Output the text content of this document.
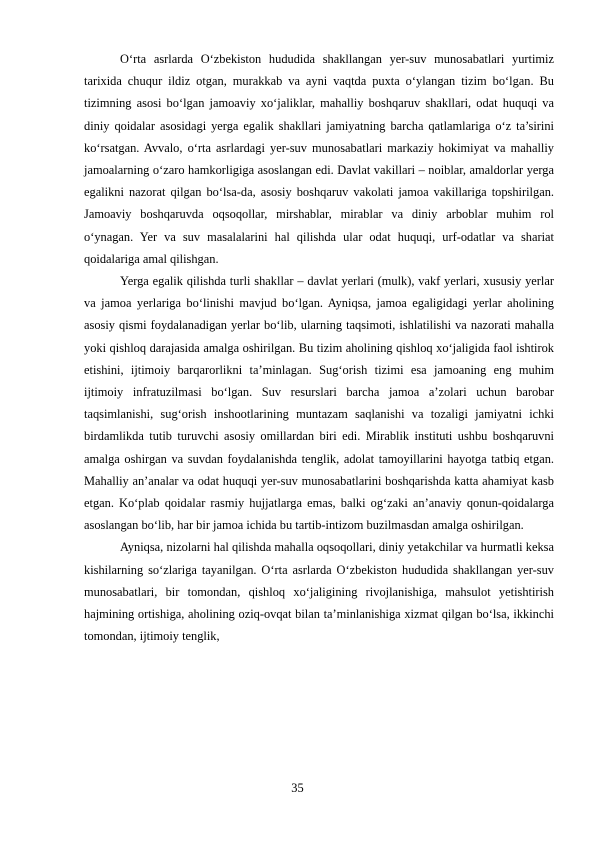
O‘rta asrlarda O‘zbekiston hududida shakllangan yer-suv munosabatlari yurtimiz tarixida chuqur ildiz otgan, murakkab va ayni vaqtda puxta o‘ylangan tizim bo‘lgan. Bu tizimning asosi bo‘lgan jamoaviy xo‘jaliklar, mahalliy boshqaruv shakllari, odat huquqi va diniy qoidalar asosidagi yerga egalik shakllari jamiyatning barcha qatlamlariga o‘z ta’sirini ko‘rsatgan. Avvalo, o‘rta asrlardagi yer-suv munosabatlari markaziy hokimiyat va mahalliy jamoalarning o‘zaro hamkorligiga asoslangan edi. Davlat vakillari – noiblar, amaldorlar yerga egalikni nazorat qilgan bo‘lsa-da, asosiy boshqaruv vakolati jamoa vakillariga topshirilgan. Jamoaviy boshqaruvda oqsoqollar, mirshablar, mirablar va diniy arboblar muhim rol o‘ynagan. Yer va suv masalalarini hal qilishda ular odat huquqi, urf-odatlar va shariat qoidalariga amal qilishgan.

Yerga egalik qilishda turli shakllar – davlat yerlari (mulk), vakf yerlari, xususiy yerlar va jamoa yerlariga bo‘linishi mavjud bo‘lgan. Ayniqsa, jamoa egaligidagi yerlar aholining asosiy qismi foydalanadigan yerlar bo‘lib, ularning taqsimoti, ishlatilishi va nazorati mahalla yoki qishloq darajasida amalga oshirilgan. Bu tizim aholining qishloq xo‘jaligida faol ishtirok etishini, ijtimoiy barqarorlikni ta’minlagan. Sug‘orish tizimi esa jamoaning eng muhim ijtimoiy infratuzilmasi bo‘lgan. Suv resurslari barcha jamoa a’zolari uchun barobar taqsimlanishi, sug‘orish inshootlarining muntazam saqlanishi va tozaligi jamiyatni ichki birdamlikda tutib turuvchi asosiy omillardan biri edi. Mirablik instituti ushbu boshqaruvni amalga oshirgan va suvdan foydalanishda tenglik, adolat tamoyillarini hayotga tatbiq etgan. Mahalliy an’analar va odat huquqi yer-suv munosabatlarini boshqarishda katta ahamiyat kasb etgan. Ko‘plab qoidalar rasmiy hujjatlarga emas, balki og‘zaki an’anaviy qonun-qoidalarga asoslangan bo‘lib, har bir jamoa ichida bu tartib-intizom buzilmasdan amalga oshirilgan.

Ayniqsa, nizolarni hal qilishda mahalla oqsoqollari, diniy yetakchilar va hurmatli keksa kishilarning so‘zlariga tayanilgan. O‘rta asrlarda O‘zbekiston hududida shakllangan yer-suv munosabatlari, bir tomondan, qishloq xo‘jaligining rivojlanishiga, mahsulot yetishtirish hajmining ortishiga, aholining oziq-ovqat bilan ta’minlanishiga xizmat qilgan bo‘lsa, ikkinchi tomondan, ijtimoiy tenglik,

35
